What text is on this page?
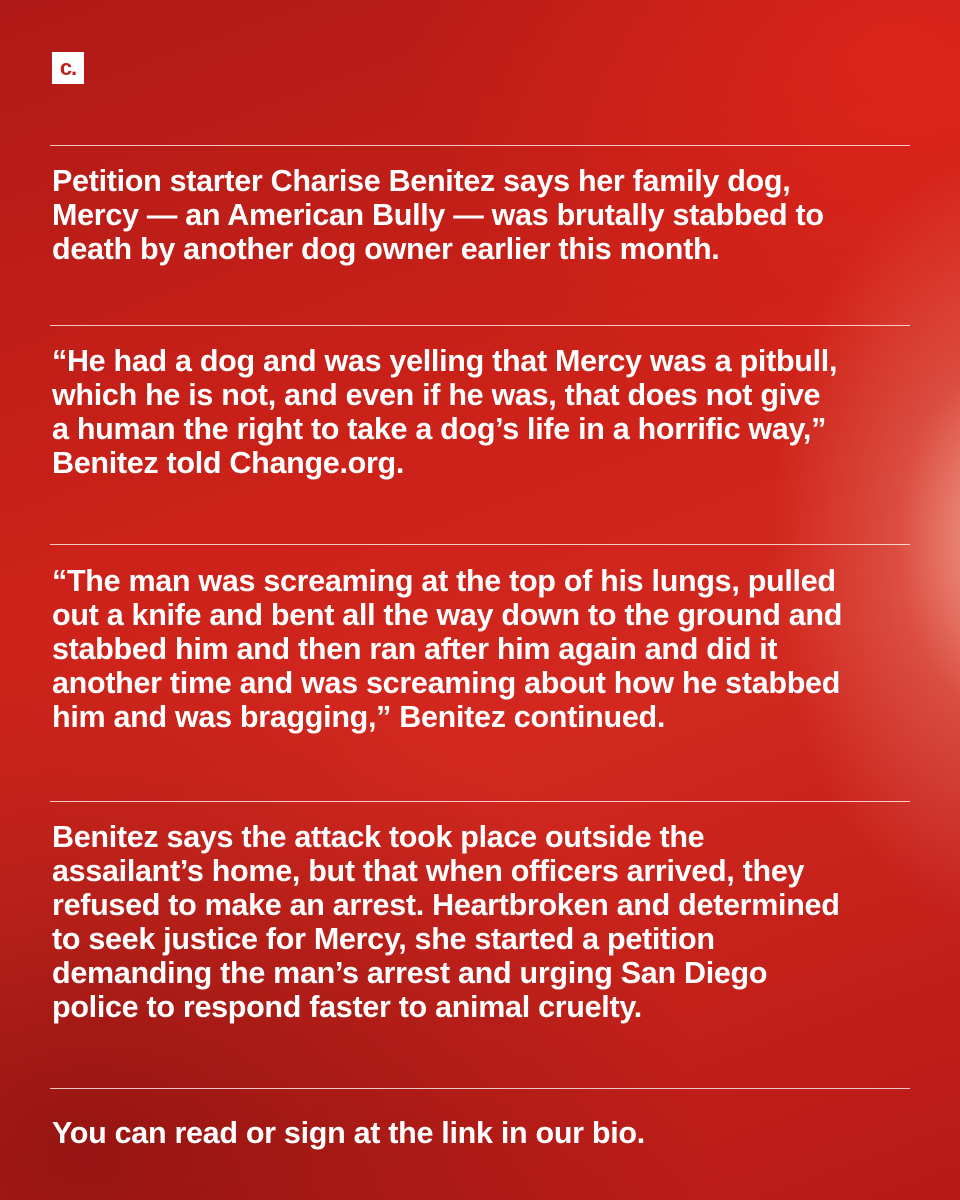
c.

Petition starter Charise Benitez says her family dog,
Mercy — an American Bully — was brutally stabbed to
death by another dog owner earlier this month.

“He had a dog and was yelling that Mercy was a pitbull,
which he is not, and even if he was, that does not give
a human the right to take a dog’s life in a horrific way,”
Benitez told Change.org.

“The man was screaming at the top of his lungs, pulled
out a knife and bent all the way down to the ground and
stabbed him and then ran after him again and did it
another time and was screaming about how he stabbed
him and was bragging,” Benitez continued.

Benitez says the attack took place outside the
assailant’s home, but that when officers arrived, they
refused to make an arrest. Heartbroken and determined
to seek justice for Mercy, she started a petition
demanding the man’s arrest and urging San Diego
police to respond faster to animal cruelty.

You can read or sign at the link in our bio.
